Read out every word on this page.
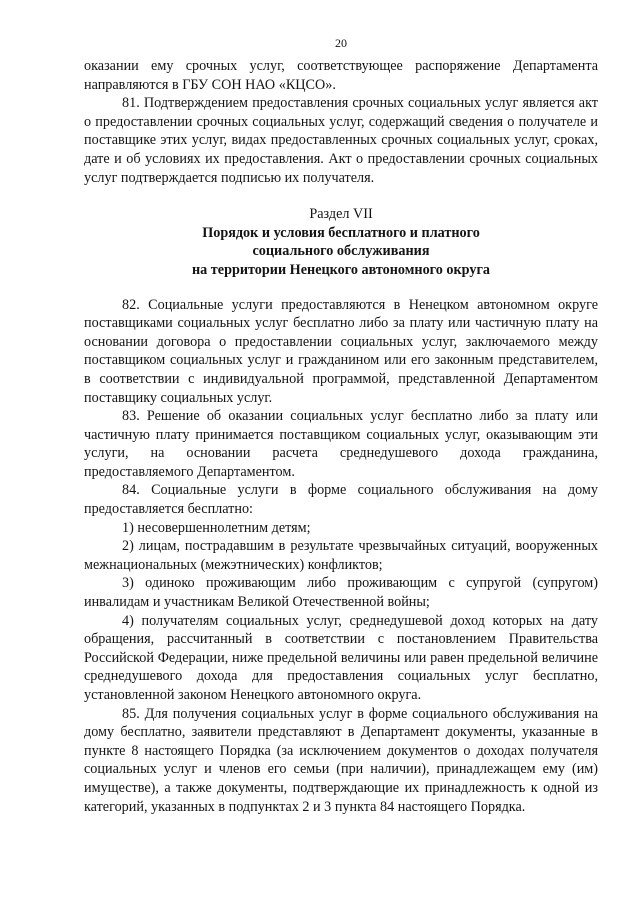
20

оказании ему срочных услуг, соответствующее распоряжение Департамента направляются в ГБУ СОН НАО «КЦСО».

81. Подтверждением предоставления срочных социальных услуг является акт о предоставлении срочных социальных услуг, содержащий сведения о получателе и поставщике этих услуг, видах предоставленных срочных социальных услуг, сроках, дате и об условиях их предоставления. Акт о предоставлении срочных социальных услуг подтверждается подписью их получателя.

Раздел VII
Порядок и условия бесплатного и платного
социального обслуживания
на территории Ненецкого автономного округа

82. Социальные услуги предоставляются в Ненецком автономном округе поставщиками социальных услуг бесплатно либо за плату или частичную плату на основании договора о предоставлении социальных услуг, заключаемого между поставщиком социальных услуг и гражданином или его законным представителем, в соответствии с индивидуальной программой, представленной Департаментом поставщику социальных услуг.

83. Решение об оказании социальных услуг бесплатно либо за плату или частичную плату принимается поставщиком социальных услуг, оказывающим эти услуги, на основании расчета среднедушевого дохода гражданина, предоставляемого Департаментом.

84. Социальные услуги в форме социального обслуживания на дому предоставляется бесплатно:

1) несовершеннолетним детям;

2) лицам, пострадавшим в результате чрезвычайных ситуаций, вооруженных межнациональных (межэтнических) конфликтов;

3) одиноко проживающим либо проживающим с супругой (супругом) инвалидам и участникам Великой Отечественной войны;

4) получателям социальных услуг, среднедушевой доход которых на дату обращения, рассчитанный в соответствии с постановлением Правительства Российской Федерации, ниже предельной величины или равен предельной величине среднедушевого дохода для предоставления социальных услуг бесплатно, установленной законом Ненецкого автономного округа.

85. Для получения социальных услуг в форме социального обслуживания на дому бесплатно, заявители представляют в Департамент документы, указанные в пункте 8 настоящего Порядка (за исключением документов о доходах получателя социальных услуг и членов его семьи (при наличии), принадлежащем ему (им) имуществе), а также документы, подтверждающие их принадлежность к одной из категорий, указанных в подпунктах 2 и 3 пункта 84 настоящего Порядка.
